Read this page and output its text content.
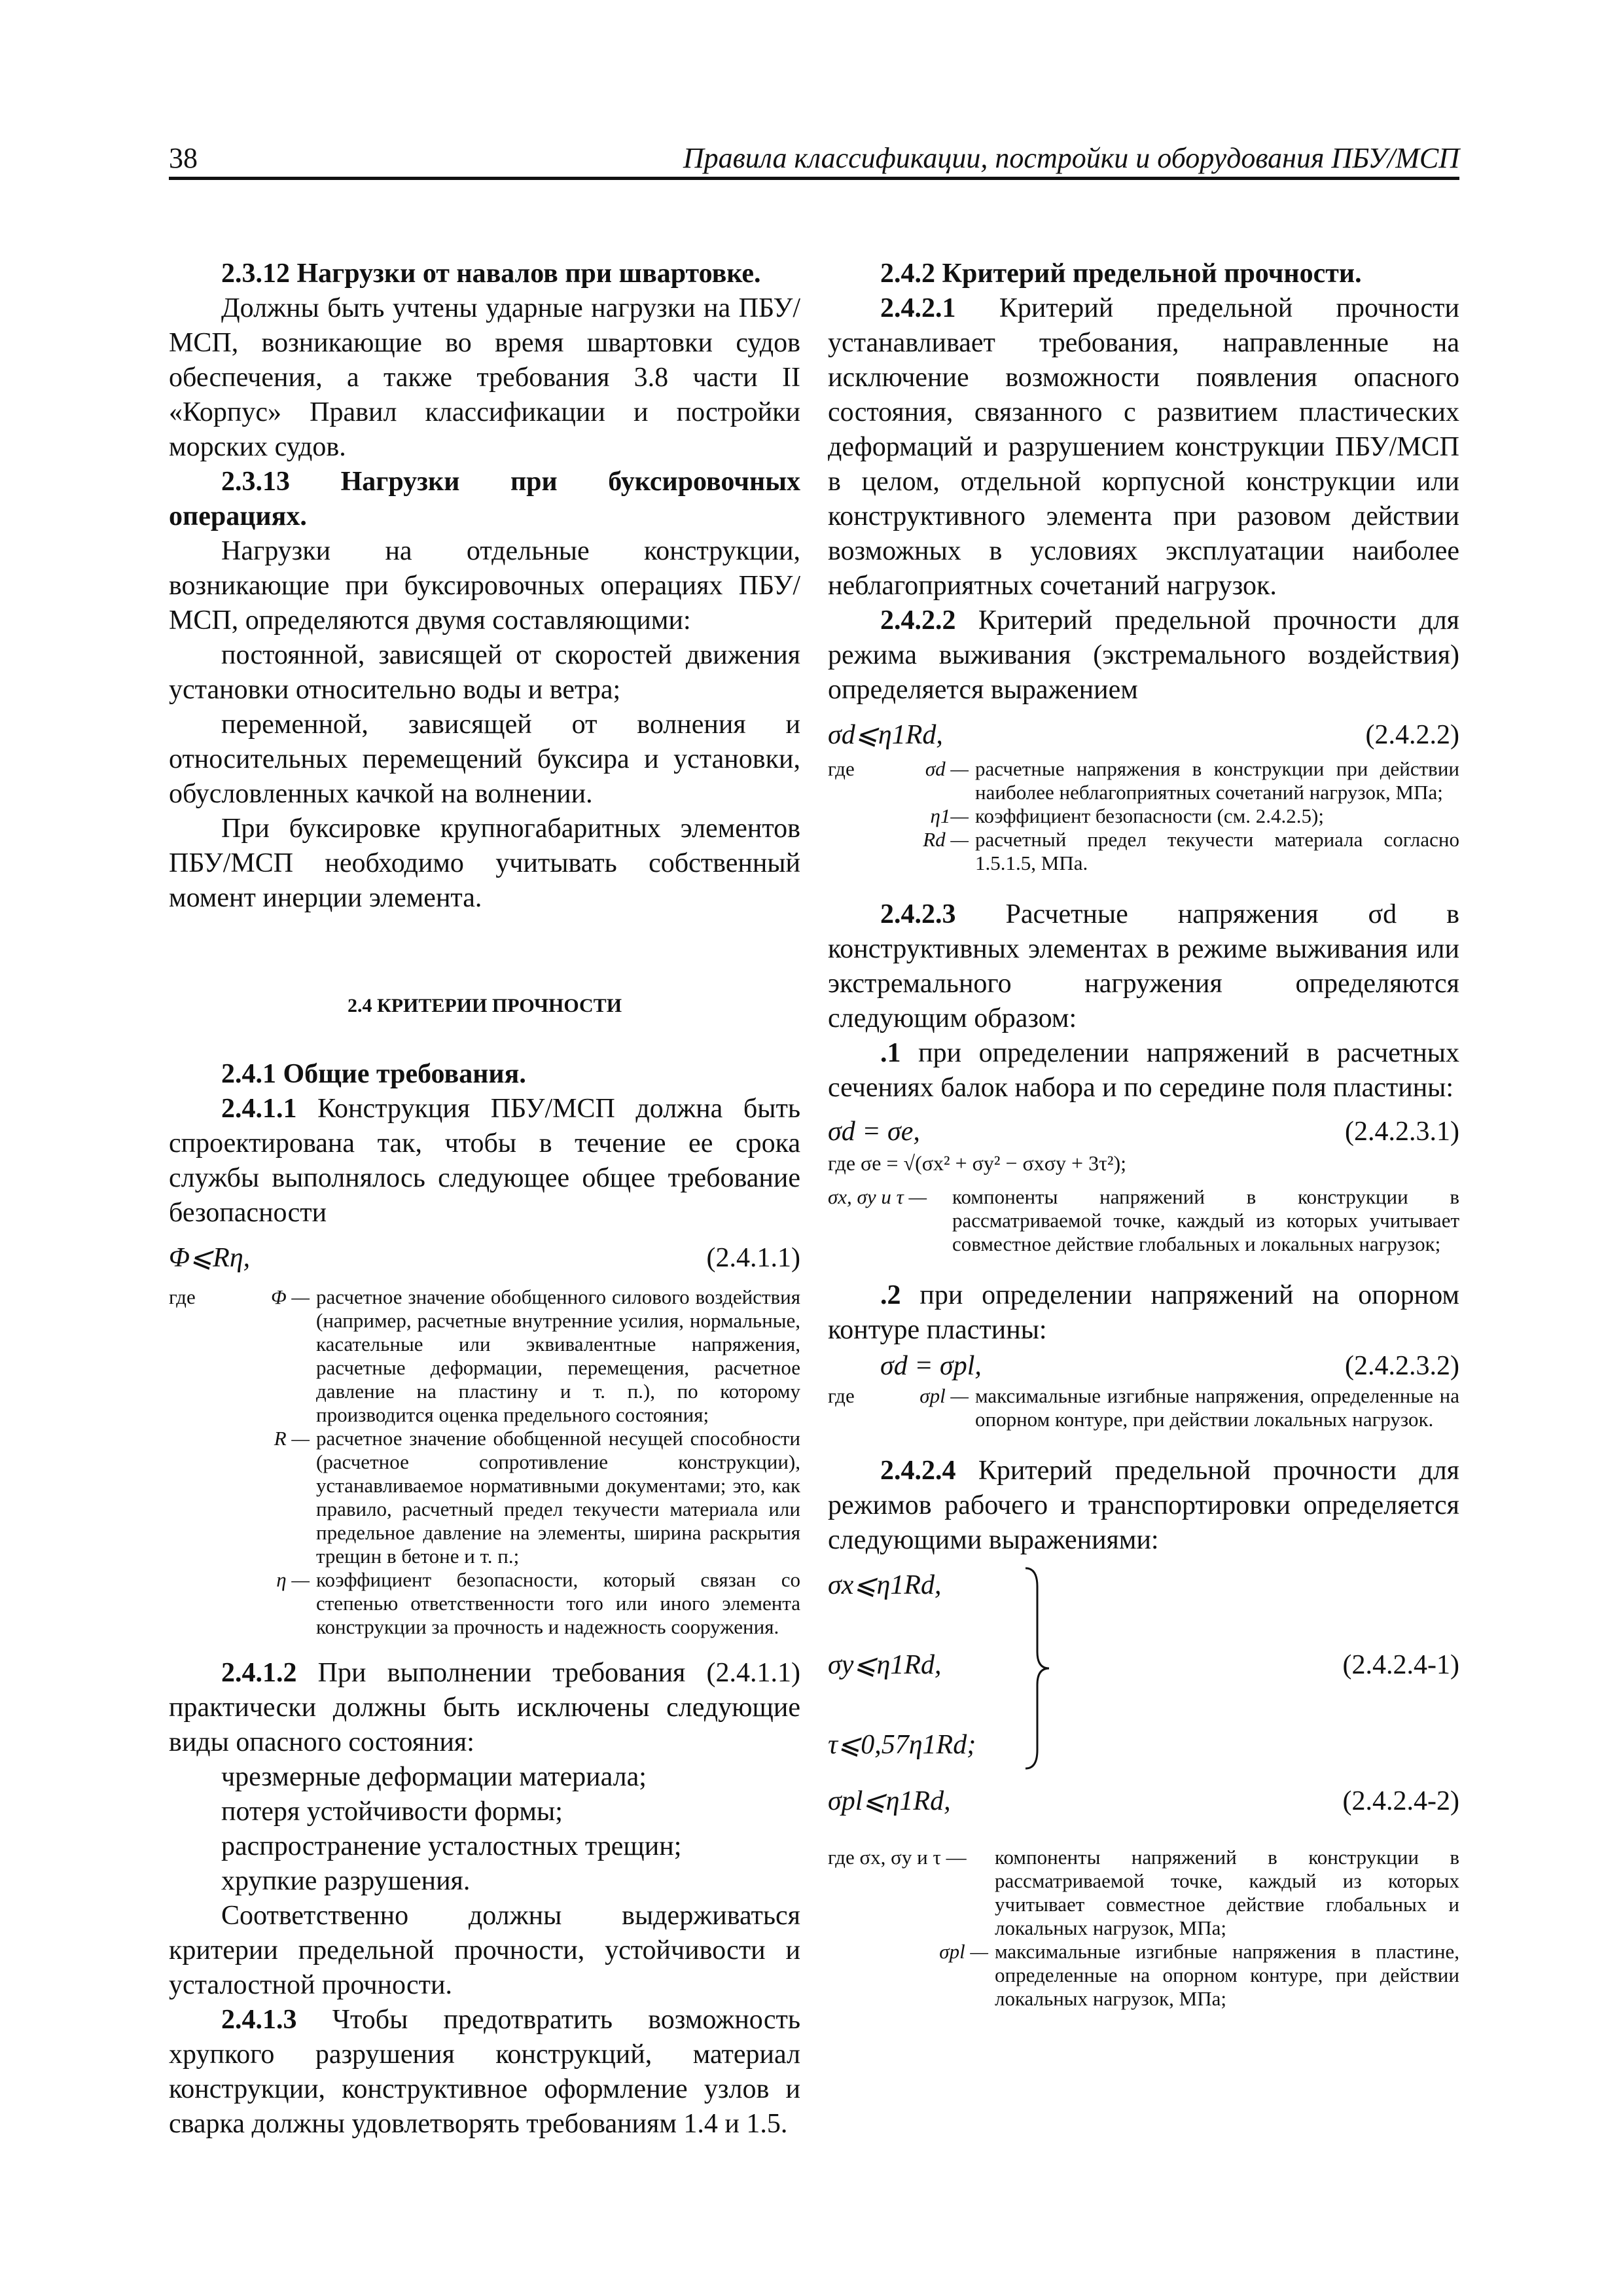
38	Правила классификации, постройки и оборудования ПБУ/МСП

2.3.12 Нагрузки от навалов при швартовке.

Должны быть учтены ударные нагрузки на ПБУ/МСП, возникающие во время швартовки судов обеспечения, а также требования 3.8 части II «Корпус» Правил классификации и постройки морских судов.

2.3.13 Нагрузки при буксировочных операциях.

Нагрузки на отдельные конструкции, возникающие при буксировочных операциях ПБУ/МСП, определяются двумя составляющими:

постоянной, зависящей от скоростей движения установки относительно воды и ветра;

переменной, зависящей от волнения и относительных перемещений буксира и установки, обусловленных качкой на волнении.

При буксировке крупногабаритных элементов ПБУ/МСП необходимо учитывать собственный момент инерции элемента.

2.4 КРИТЕРИИ ПРОЧНОСТИ

2.4.1 Общие требования.

2.4.1.1 Конструкция ПБУ/МСП должна быть спроектирована так, чтобы в течение ее срока службы выполнялось следующее общее требование безопасности

Φ⩽Rη,	(2.4.1.1)
где	Φ — расчетное значение обобщенного силового воздействия (например, расчетные внутренние усилия, нормальные, касательные или эквивалентные напряжения, расчетные деформации, перемещения, расчетное давление на пластину и т. п.), по которому производится оценка предельного состояния;
R — расчетное значение обобщенной несущей способности (расчетное сопротивление конструкции), устанавливаемое нормативными документами; это, как правило, расчетный предел текучести материала или предельное давление на элементы, ширина раскрытия трещин в бетоне и т. п.;
η — коэффициент безопасности, который связан со степенью ответственности того или иного элемента конструкции за прочность и надежность сооружения.

2.4.1.2 При выполнении требования (2.4.1.1) практически должны быть исключены следующие виды опасного состояния:

чрезмерные деформации материала;

потеря устойчивости формы;

распространение усталостных трещин;

хрупкие разрушения.

Соответственно должны выдерживаться критерии предельной прочности, устойчивости и усталостной прочности.

2.4.1.3 Чтобы предотвратить возможность хрупкого разрушения конструкций, материал конструкции, конструктивное оформление узлов и сварка должны удовлетворять требованиям 1.4 и 1.5.

2.4.2 Критерий предельной прочности.

2.4.2.1 Критерий предельной прочности устанавливает требования, направленные на исключение возможности появления опасного состояния, связанного с развитием пластических деформаций и разрушением конструкции ПБУ/МСП в целом, отдельной корпусной конструкции или конструктивного элемента при разовом действии возможных в условиях эксплуатации наиболее неблагоприятных сочетаний нагрузок.

2.4.2.2 Критерий предельной прочности для режима выживания (экстремального воздействия) определяется выражением

σd⩽η1Rd,	(2.4.2.2)
где	σd — расчетные напряжения в конструкции при действии наиболее неблагоприятных сочетаний нагрузок, МПа;
η1— коэффициент безопасности (см. 2.4.2.5);
Rd — расчетный предел текучести материала согласно 1.5.1.5, МПа.

2.4.2.3 Расчетные напряжения σd в конструктивных элементах в режиме выживания или экстремального нагружения определяются следующим образом:

.1 при определении напряжений в расчетных сечениях балок набора и по середине поля пластины:

σd = σe,	(2.4.2.3.1)
где σe = √(σx² + σy² − σxσy + 3τ²);
σx, σy и τ —	компоненты напряжений в конструкции в рассматриваемой точке, каждый из которых учитывает совместное действие глобальных и локальных нагрузок;

.2 при определении напряжений на опорном контуре пластины:

σd = σpl,	(2.4.2.3.2)
где	σpl — максимальные изгибные напряжения, определенные на опорном контуре, при действии локальных нагрузок.

2.4.2.4 Критерий предельной прочности для режимов рабочего и транспортировки определяется следующими выражениями:

σx⩽η1Rd,
σy⩽η1Rd,	(2.4.2.4-1)
τ⩽0,57η1Rd;
σpl⩽η1Rd,	(2.4.2.4-2)
где σx, σy и τ —	компоненты напряжений в конструкции в рассматриваемой точке, каждый из которых учитывает совместное действие глобальных и локальных нагрузок, МПа;
σpl — максимальные изгибные напряжения в пластине, определенные на опорном контуре, при действии локальных нагрузок, МПа;
